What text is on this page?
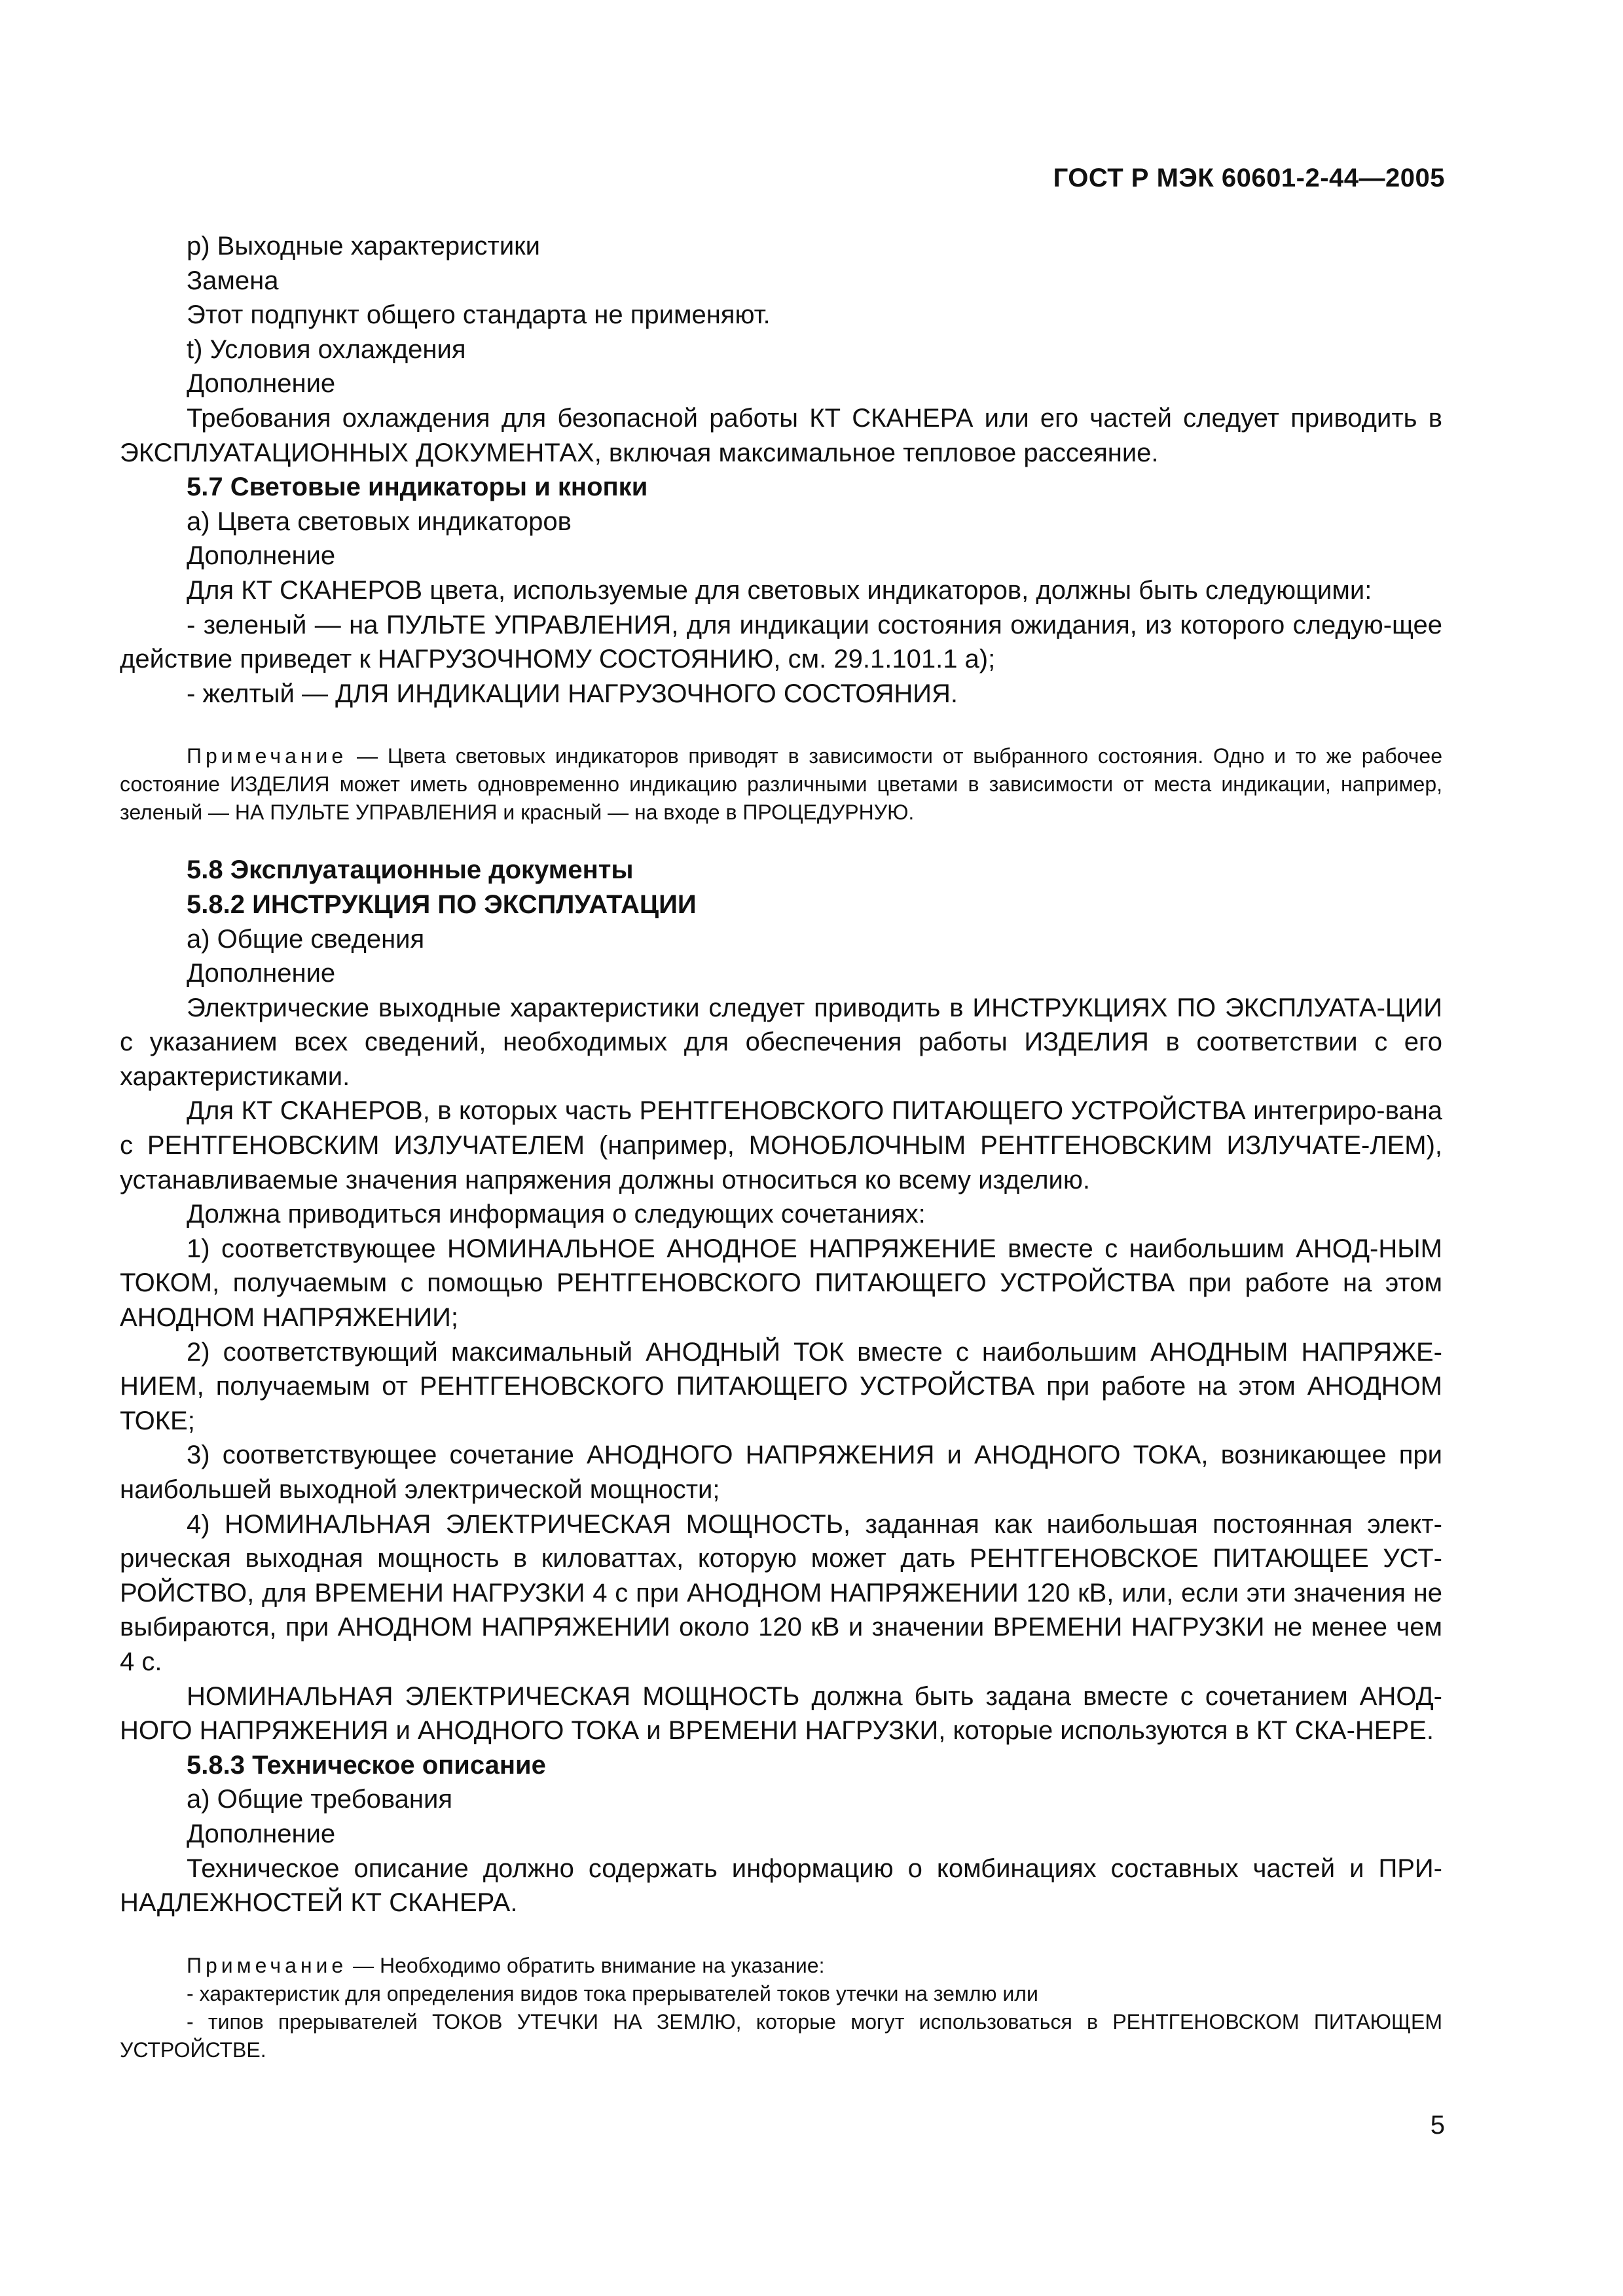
ГОСТ Р МЭК 60601-2-44—2005

р) Выходные характеристики

Замена

Этот подпункт общего стандарта не применяют.

t) Условия охлаждения

Дополнение

Требования охлаждения для безопасной работы КТ СКАНЕРА или его частей следует приводить в ЭКСПЛУАТАЦИОННЫХ ДОКУМЕНТАХ, включая максимальное тепловое рассеяние.

5.7 Световые индикаторы и кнопки

а) Цвета световых индикаторов

Дополнение

Для КТ СКАНЕРОВ цвета, используемые для световых индикаторов, должны быть следующими:

- зеленый — на ПУЛЬТЕ УПРАВЛЕНИЯ, для индикации состояния ожидания, из которого следую-щее действие приведет к НАГРУЗОЧНОМУ СОСТОЯНИЮ, см. 29.1.101.1 а);

- желтый — ДЛЯ ИНДИКАЦИИ НАГРУЗОЧНОГО СОСТОЯНИЯ.

Примечание — Цвета световых индикаторов приводят в зависимости от выбранного состояния. Одно и то же рабочее состояние ИЗДЕЛИЯ может иметь одновременно индикацию различными цветами в зависимости от места индикации, например, зеленый — НА ПУЛЬТЕ УПРАВЛЕНИЯ и красный — на входе в ПРОЦЕДУРНУЮ.

5.8 Эксплуатационные документы

5.8.2 ИНСТРУКЦИЯ ПО ЭКСПЛУАТАЦИИ

а) Общие сведения

Дополнение

Электрические выходные характеристики следует приводить в ИНСТРУКЦИЯХ ПО ЭКСПЛУАТА-ЦИИ с указанием всех сведений, необходимых для обеспечения работы ИЗДЕЛИЯ в соответствии с его характеристиками.

Для КТ СКАНЕРОВ, в которых часть РЕНТГЕНОВСКОГО ПИТАЮЩЕГО УСТРОЙСТВА интегриро-вана с РЕНТГЕНОВСКИМ ИЗЛУЧАТЕЛЕМ (например, МОНОБЛОЧНЫМ РЕНТГЕНОВСКИМ ИЗЛУЧАТЕ-ЛЕМ), устанавливаемые значения напряжения должны относиться ко всему изделию.

Должна приводиться информация о следующих сочетаниях:

1) соответствующее НОМИНАЛЬНОЕ АНОДНОЕ НАПРЯЖЕНИЕ вместе с наибольшим АНОД-НЫМ ТОКОМ, получаемым с помощью РЕНТГЕНОВСКОГО ПИТАЮЩЕГО УСТРОЙСТВА при работе на этом АНОДНОМ НАПРЯЖЕНИИ;

2) соответствующий максимальный АНОДНЫЙ ТОК вместе с наибольшим АНОДНЫМ НАПРЯЖЕ-НИЕМ, получаемым от РЕНТГЕНОВСКОГО ПИТАЮЩЕГО УСТРОЙСТВА при работе на этом АНОДНОМ ТОКЕ;

3) соответствующее сочетание АНОДНОГО НАПРЯЖЕНИЯ и АНОДНОГО ТОКА, возникающее при наибольшей выходной электрической мощности;

4) НОМИНАЛЬНАЯ ЭЛЕКТРИЧЕСКАЯ МОЩНОСТЬ, заданная как наибольшая постоянная элект-рическая выходная мощность в киловаттах, которую может дать РЕНТГЕНОВСКОЕ ПИТАЮЩЕЕ УСТ-РОЙСТВО, для ВРЕМЕНИ НАГРУЗКИ 4 с при АНОДНОМ НАПРЯЖЕНИИ 120 кВ, или, если эти значения не выбираются, при АНОДНОМ НАПРЯЖЕНИИ около 120 кВ и значении ВРЕМЕНИ НАГРУЗКИ не менее чем 4 с.

НОМИНАЛЬНАЯ ЭЛЕКТРИЧЕСКАЯ МОЩНОСТЬ должна быть задана вместе с сочетанием АНОД-НОГО НАПРЯЖЕНИЯ и АНОДНОГО ТОКА и ВРЕМЕНИ НАГРУЗКИ, которые используются в КТ СКА-НЕРЕ.

5.8.3 Техническое описание

а) Общие требования

Дополнение

Техническое описание должно содержать информацию о комбинациях составных частей и ПРИ-НАДЛЕЖНОСТЕЙ КТ СКАНЕРА.

Примечание — Необходимо обратить внимание на указание:

- характеристик для определения видов тока прерывателей токов утечки на землю или

- типов прерывателей ТОКОВ УТЕЧКИ НА ЗЕМЛЮ, которые могут использоваться в РЕНТГЕНОВСКОМ ПИТАЮЩЕМ УСТРОЙСТВЕ.

5
